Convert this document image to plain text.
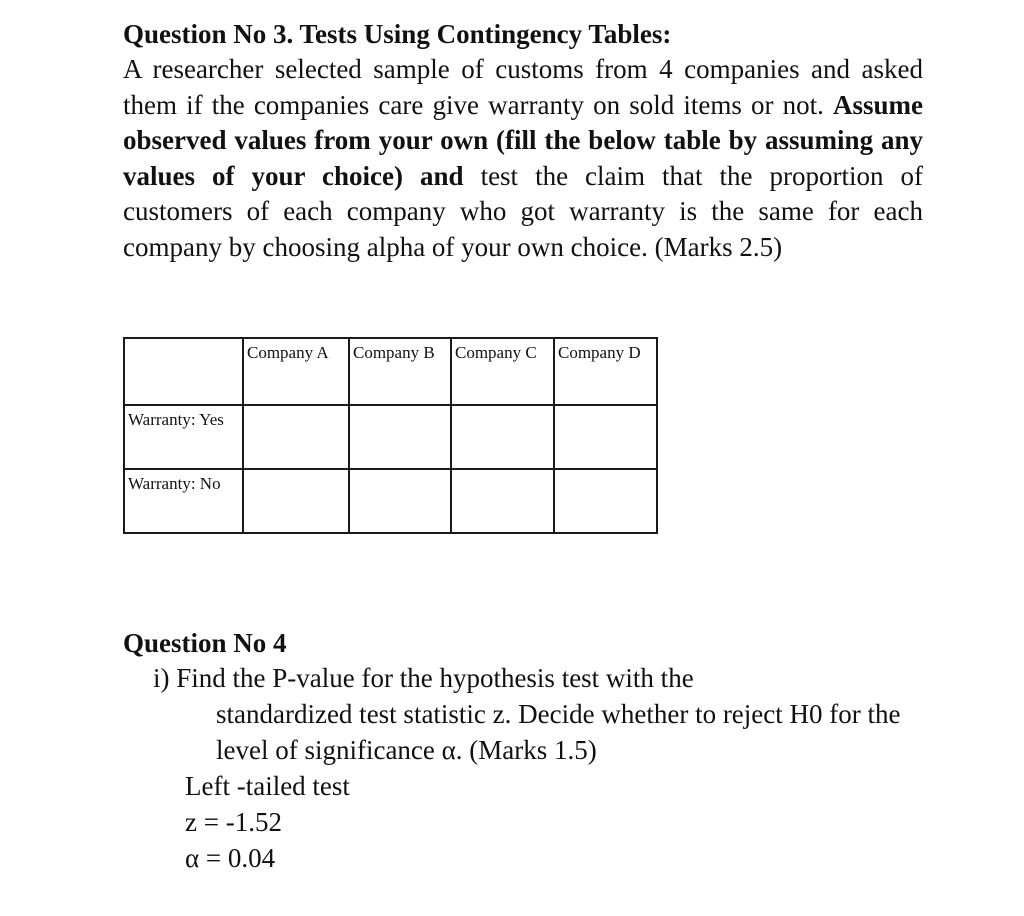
Question No 3. Tests Using Contingency Tables:

A researcher selected sample of customs from 4 companies and asked them if the companies care give warranty on sold items or not. Assume observed values from your own (fill the below table by assuming any values of your choice) and test the claim that the proportion of customers of each company who got warranty is the same for each company by choosing alpha of your own choice. (Marks 2.5)

	Company A	Company B	Company C	Company D

Warranty: Yes				

Warranty: No				

Question No 4

i) Find the P-value for the hypothesis test with the
standardized test statistic z. Decide whether to reject H0 for the level of significance α. (Marks 1.5)

Left -tailed test

z = -1.52

α = 0.04
